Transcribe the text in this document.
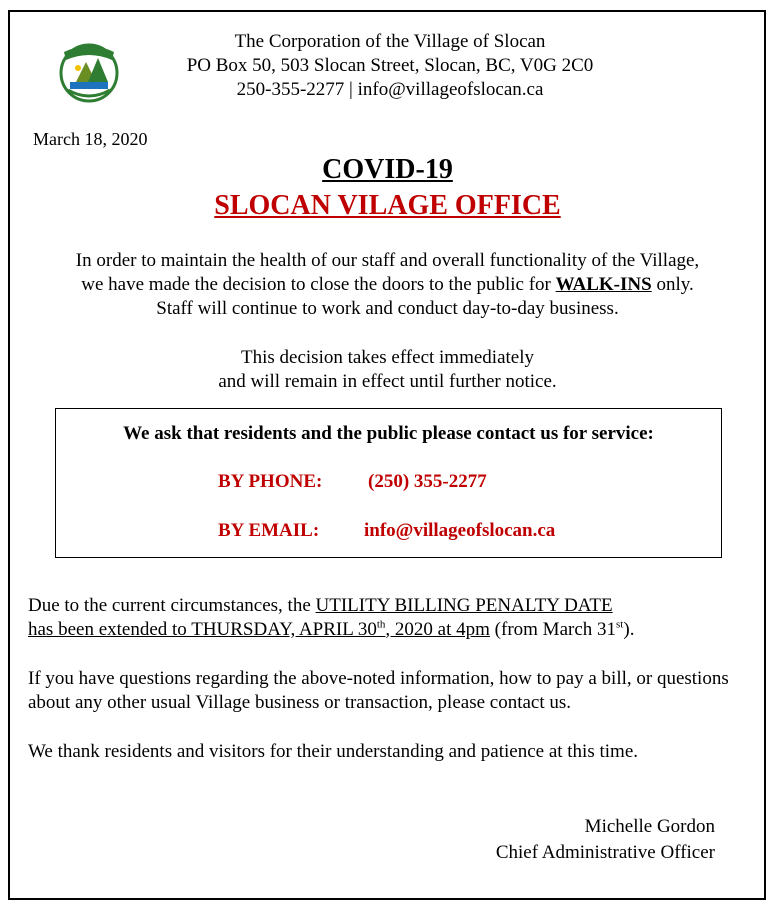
The Corporation of the Village of Slocan
PO Box 50, 503 Slocan Street, Slocan, BC, V0G 2C0
250-355-2277 | info@villageofslocan.ca
March 18, 2020
COVID-19
SLOCAN VILAGE OFFICE
In order to maintain the health of our staff and overall functionality of the Village,
we have made the decision to close the doors to the public for WALK-INS only.
Staff will continue to work and conduct day-to-day business.
This decision takes effect immediately
and will remain in effect until further notice.
We ask that residents and the public please contact us for service:
BY PHONE: (250) 355-2277
BY EMAIL: info@villageofslocan.ca
Due to the current circumstances, the UTILITY BILLING PENALTY DATE
has been extended to THURSDAY, APRIL 30th, 2020 at 4pm (from March 31st).
If you have questions regarding the above-noted information, how to pay a bill, or questions about any other usual Village business or transaction, please contact us.
We thank residents and visitors for their understanding and patience at this time.
Michelle Gordon
Chief Administrative Officer
